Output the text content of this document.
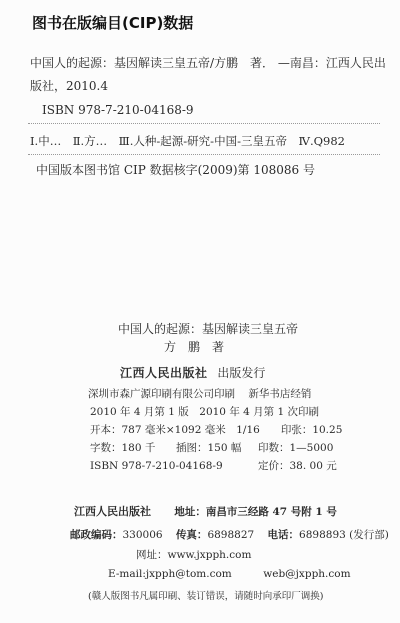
图书在版编目(CIP)数据
中国人的起源：基因解读三皇五帝/方鹏　著． —南昌：江西人民出
版社，2010.4
ISBN 978-7-210-04168-9
Ⅰ.中…　Ⅱ.方…　Ⅲ.人种-起源-研究-中国-三皇五帝　Ⅳ.Q982
中国版本图书馆 CIP 数据核字(2009)第 108086 号
中国人的起源：基因解读三皇五帝
方　鹏　著
江西人民出版社 出版发行
深圳市森广源印刷有限公司印刷 新华书店经销
2010 年 4 月第 1 版　2010 年 4 月第 1 次印刷
开本：787 毫米×1092 毫米　1/16　　印张：10.25
字数：180 千 插图：150 幅 印数：1—5000
ISBN 978-7-210-04168-9	定价：38. 00 元
江西人民出版社 地址：南昌市三经路 47 号附 1 号
邮政编码：330006 传真：6898827 电话：6898893 (发行部)
网址：www.jxpph.com
E-mail:jxpph@tom.com　　　web@jxpph.com
(赣人版图书凡属印刷、装订错误，请随时向承印厂调换)
